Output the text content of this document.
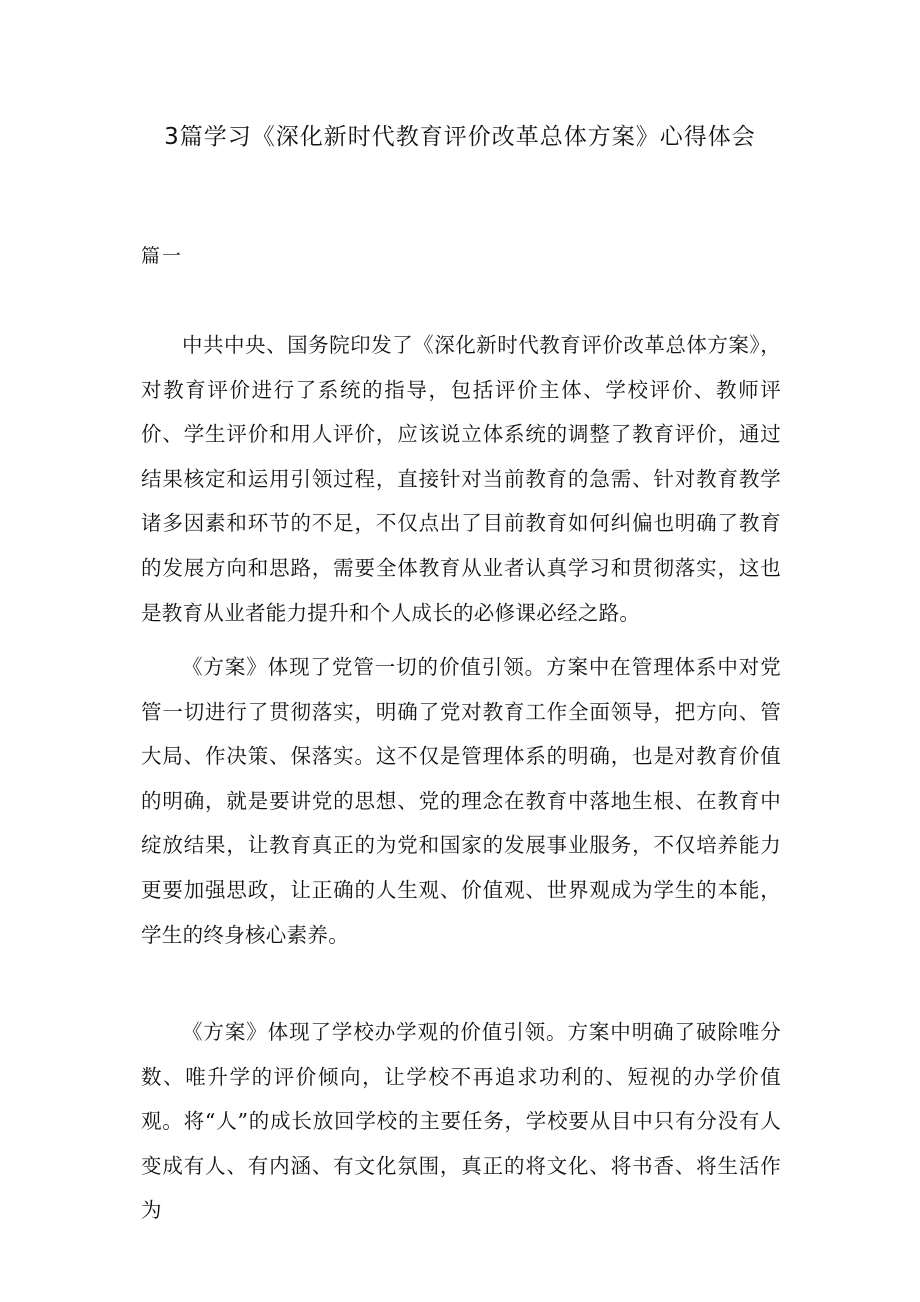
3篇学习《深化新时代教育评价改革总体方案》心得体会
篇一

中共中央、国务院印发了《深化新时代教育评价改革总体方案》，对教育评价进行了系统的指导，包括评价主体、学校评价、教师评价、学生评价和用人评价，应该说立体系统的调整了教育评价，通过结果核定和运用引领过程，直接针对当前教育的急需、针对教育教学诸多因素和环节的不足，不仅点出了目前教育如何纠偏也明确了教育的发展方向和思路，需要全体教育从业者认真学习和贯彻落实，这也是教育从业者能力提升和个人成长的必修课必经之路。

《方案》体现了党管一切的价值引领。方案中在管理体系中对党管一切进行了贯彻落实，明确了党对教育工作全面领导，把方向、管大局、作决策、保落实。这不仅是管理体系的明确，也是对教育价值的明确，就是要讲党的思想、党的理念在教育中落地生根、在教育中绽放结果，让教育真正的为党和国家的发展事业服务，不仅培养能力更要加强思政，让正确的人生观、价值观、世界观成为学生的本能，学生的终身核心素养。

《方案》体现了学校办学观的价值引领。方案中明确了破除唯分数、唯升学的评价倾向，让学校不再追求功利的、短视的办学价值观。将“人”的成长放回学校的主要任务，学校要从目中只有分没有人变成有人、有内涵、有文化氛围，真正的将文化、将书香、将生活作为
